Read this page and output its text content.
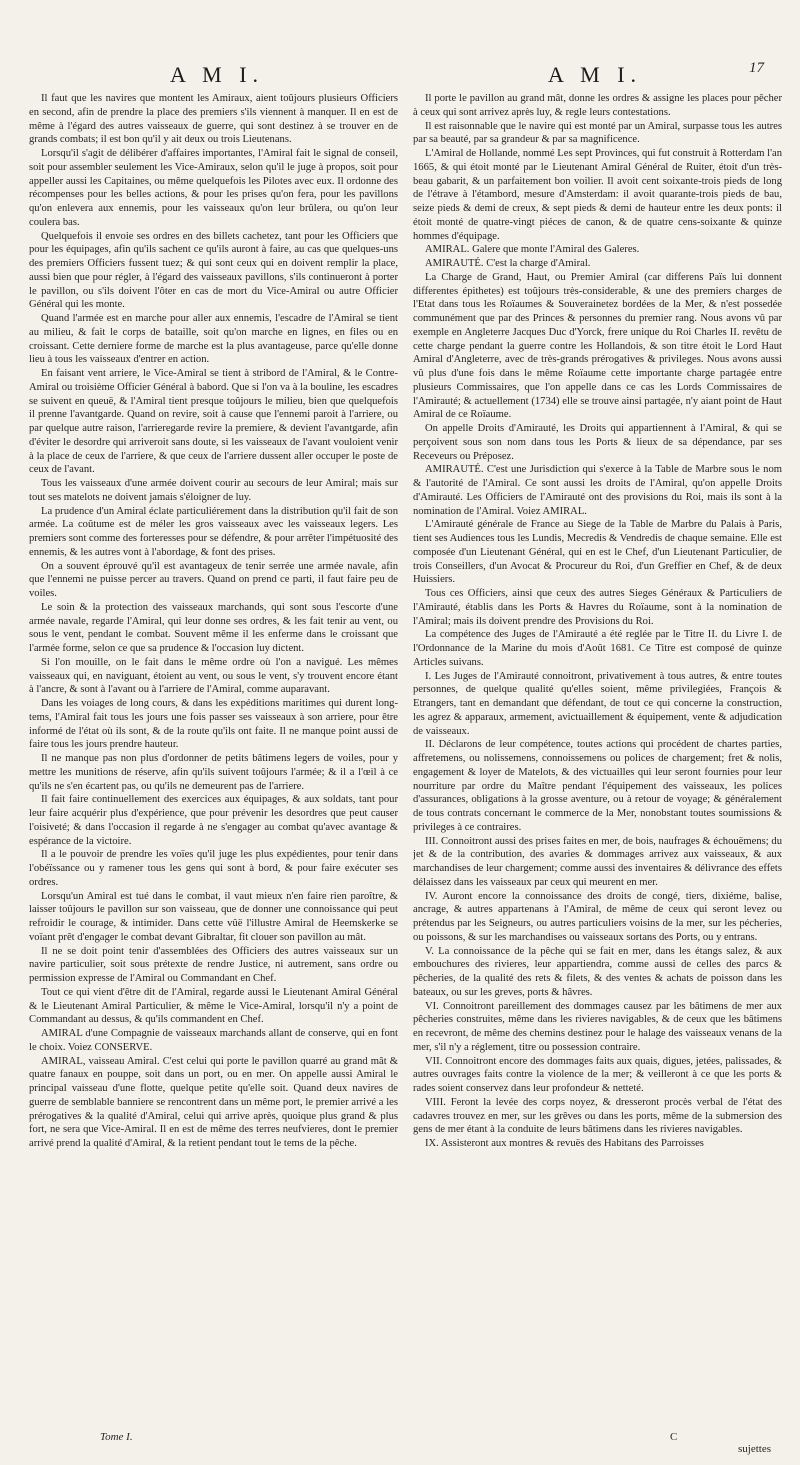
A M I.	A M I.	17

Il faut que les navires que montent les Amiraux, aient toûjours plusieurs Officiers en second, afin de prendre la place des premiers s'ils viennent à manquer. Il en est de même à l'égard des autres vaisseaux de guerre, qui sont destinez à se trouver en de grands combats; il est bon qu'il y ait deux ou trois Lieutenans.

Lorsqu'il s'agit de délibérer d'affaires importantes, l'Amiral fait le signal de conseil, soit pour assembler seulement les Vice-Amiraux, selon qu'il le juge à propos, soit pour appeller aussi les Capitaines, ou même quelquefois les Pilotes avec eux. Il ordonne des récompenses pour les belles actions, & pour les prises qu'on fera, pour les pavillons qu'on enlevera aux ennemis, pour les vaisseaux qu'on leur brûlera, ou qu'on leur coulera bas.

Quelquefois il envoie ses ordres en des billets cachetez, tant pour les Officiers que pour les équipages, afin qu'ils sachent ce qu'ils auront à faire, au cas que quelques-uns des premiers Officiers fussent tuez; & qui sont ceux qui en doivent remplir la place, aussi bien que pour régler, à l'égard des vaisseaux pavillons, s'ils continueront à porter le pavillon, ou s'ils doivent l'ôter en cas de mort du Vice-Amiral ou autre Officier Général qui les monte.

Quand l'armée est en marche pour aller aux ennemis, l'escadre de l'Amiral se tient au milieu, & fait le corps de bataille, soit qu'on marche en lignes, en files ou en croissant. Cette derniere forme de marche est la plus avantageuse, parce qu'elle donne lieu à tous les vaisseaux d'entrer en action.

En faisant vent arriere, le Vice-Amiral se tient à stribord de l'Amiral, & le Contre-Amiral ou troisième Officier Général à babord. Que si l'on va à la bouline, les escadres se suivent en queuë, & l'Amiral tient presque toûjours le milieu, bien que quelquefois il prenne l'avantgarde. Quand on revire, soit à cause que l'ennemi paroit à l'arriere, ou par quelque autre raison, l'arrieregarde revire la premiere, & devient l'avantgarde, afin d'éviter le desordre qui arriveroit sans doute, si les vaisseaux de l'avant vouloient venir à la place de ceux de l'arriere, & que ceux de l'arriere dussent aller occuper le poste de ceux de l'avant.

Tous les vaisseaux d'une armée doivent courir au secours de leur Amiral; mais sur tout ses matelots ne doivent jamais s'éloigner de luy.

La prudence d'un Amiral éclate particuliérement dans la distribution qu'il fait de son armée. La coûtume est de méler les gros vaisseaux avec les vaisseaux legers. Les premiers sont comme des forteresses pour se défendre, & pour arrêter l'impétuosité des ennemis, & les autres vont à l'abordage, & font des prises.

On a souvent éprouvé qu'il est avantageux de tenir serrée une armée navale, afin que l'ennemi ne puisse percer au travers. Quand on prend ce parti, il faut faire peu de voiles.

Le soin & la protection des vaisseaux marchands, qui sont sous l'escorte d'une armée navale, regarde l'Amiral, qui leur donne ses ordres, & les fait tenir au vent, ou sous le vent, pendant le combat. Souvent même il les enferme dans le croissant que l'armée forme, selon ce que sa prudence & l'occasion luy dictent.

Si l'on mouille, on le fait dans le même ordre où l'on a navigué. Les mêmes vaisseaux qui, en naviguant, étoient au vent, ou sous le vent, s'y trouvent encore étant à l'ancre, & sont à l'avant ou à l'arriere de l'Amiral, comme auparavant.

Dans les voiages de long cours, & dans les expéditions maritimes qui durent long-tems, l'Amiral fait tous les jours une fois passer ses vaisseaux à son arriere, pour être informé de l'état où ils sont, & de la route qu'ils ont faite. Il ne manque point aussi de faire tous les jours prendre hauteur.

Il ne manque pas non plus d'ordonner de petits bâtimens legers de voiles, pour y mettre les munitions de réserve, afin qu'ils suivent toûjours l'armée; & il a l'œil à ce qu'ils ne s'en écartent pas, ou qu'ils ne demeurent pas de l'arriere.

Il fait faire continuellement des exercices aux équipages, & aux soldats, tant pour leur faire acquérir plus d'expérience, que pour prévenir les desordres que peut causer l'oisiveté; & dans l'occasion il regarde à ne s'engager au combat qu'avec avantage & espérance de la victoire.

Il a le pouvoir de prendre les voïes qu'il juge les plus expédientes, pour tenir dans l'obéïssance ou y ramener tous les gens qui sont à bord, & pour faire exécuter ses ordres.

Lorsqu'un Amiral est tué dans le combat, il vaut mieux n'en faire rien paroître, & laisser toûjours le pavillon sur son vaisseau, que de donner une connoissance qui peut refroidir le courage, & intimider. Dans cette vûë l'illustre Amiral de Heemskerke se voïant prêt d'engager le combat devant Gibraltar, fit clouer son pavillon au mât.

Il ne se doit point tenir d'assemblées des Officiers des autres vaisseaux sur un navire particulier, soit sous prétexte de rendre Justice, ni autrement, sans ordre ou permission expresse de l'Amiral ou Commandant en Chef.

Tout ce qui vient d'être dit de l'Amiral, regarde aussi le Lieutenant Amiral Général & le Lieutenant Amiral Particulier, & même le Vice-Amiral, lorsqu'il n'y a point de Commandant au dessus, & qu'ils commandent en Chef.

AMIRAL d'une Compagnie de vaisseaux marchands allant de conserve, qui en font le choix. Voiez CONSERVE.

AMIRAL, vaisseau Amiral. C'est celui qui porte le pavillon quarré au grand mât & quatre fanaux en pouppe, soit dans un port, ou en mer. On appelle aussi Amiral le principal vaisseau d'une flotte, quelque petite qu'elle soit. Quand deux navires de guerre de semblable banniere se rencontrent dans un même port, le premier arrivé a les prérogatives & la qualité d'Amiral, celui qui arrive après, quoique plus grand & plus fort, ne sera que Vice-Amiral. Il en est de même des terres neufvieres, dont le premier arrivé prend la qualité d'Amiral, & la retient pendant tout le tems de la pêche.

Il porte le pavillon au grand mât, donne les ordres & assigne les places pour pêcher à ceux qui sont arrivez après luy, & regle leurs contestations.

Il est raisonnable que le navire qui est monté par un Amiral, surpasse tous les autres par sa beauté, par sa grandeur & par sa magnificence.

L'Amiral de Hollande, nommé Les sept Provinces, qui fut construit à Rotterdam l'an 1665, & qui étoit monté par le Lieutenant Amiral Général de Ruiter, étoit d'un très-beau gabarit, & un parfaitement bon voilier. Il avoit cent soixante-trois pieds de long de l'étrave à l'étambord, mesure d'Amsterdam: il avoit quarante-trois pieds de bau, seize pieds & demi de creux, & sept pieds & demi de hauteur entre les deux ponts: il étoit monté de quatre-vingt piéces de canon, & de quatre cens-soixante & quinze hommes d'équipage.

AMIRAL. Galere que monte l'Amiral des Galeres.

AMIRAUTÉ. C'est la charge d'Amiral.

La Charge de Grand, Haut, ou Premier Amiral (car differens Païs lui donnent differentes épithetes) est toûjours très-considerable, & une des premiers charges de l'Etat dans tous les Roïaumes & Souverainetez bordées de la Mer, & n'est possedée communément que par des Princes & personnes du premier rang. Nous avons vû par exemple en Angleterre Jacques Duc d'Yorck, frere unique du Roi Charles II. revêtu de cette charge pendant la guerre contre les Hollandois, & son titre étoit le Lord Haut Amiral d'Angleterre, avec de très-grands prérogatives & privileges. Nous avons aussi vû plus d'une fois dans le même Roïaume cette importante charge partagée entre plusieurs Commissaires, que l'on appelle dans ce cas les Lords Commissaires de l'Amirauté; & actuellement (1734) elle se trouve ainsi partagée, n'y aiant point de Haut Amiral de ce Roïaume.

On appelle Droits d'Amirauté, les Droits qui appartiennent à l'Amiral, & qui se perçoivent sous son nom dans tous les Ports & lieux de sa dépendance, par ses Receveurs ou Préposez.

AMIRAUTÉ. C'est une Jurisdiction qui s'exerce à la Table de Marbre sous le nom & l'autorité de l'Amiral. Ce sont aussi les droits de l'Amiral, qu'on appelle Droits d'Amirauté. Les Officiers de l'Amirauté ont des provisions du Roi, mais ils sont à la nomination de l'Amiral. Voiez AMIRAL.

L'Amirauté générale de France au Siege de la Table de Marbre du Palais à Paris, tient ses Audiences tous les Lundis, Mecredis & Vendredis de chaque semaine. Elle est composée d'un Lieutenant Général, qui en est le Chef, d'un Lieutenant Particulier, de trois Conseillers, d'un Avocat & Procureur du Roi, d'un Greffier en Chef, & de deux Huissiers.

Tous ces Officiers, ainsi que ceux des autres Sieges Généraux & Particuliers de l'Amirauté, établis dans les Ports & Havres du Roïaume, sont à la nomination de l'Amiral; mais ils doivent prendre des Provisions du Roi.

La compétence des Juges de l'Amirauté a été reglée par le Titre II. du Livre I. de l'Ordonnance de la Marine du mois d'Août 1681. Ce Titre est composé de quinze Articles suivans.

I. Les Juges de l'Amirauté connoitront, privativement à tous autres, & entre toutes personnes, de quelque qualité qu'elles soient, même privilegiées, François & Etrangers, tant en demandant que défendant, de tout ce qui concerne la construction, les agrez & apparaux, armement, avictuaillement & équipement, vente & adjudication de vaisseaux.

II. Déclarons de leur compétence, toutes actions qui procédent de chartes parties, affretemens, ou nolissemens, connoissemens ou polices de chargement; fret & nolis, engagement & loyer de Matelots, & des victuailles qui leur seront fournies pour leur nourriture par ordre du Maître pendant l'équipement des vaisseaux, les polices d'assurances, obligations à la grosse aventure, ou à retour de voyage; & généralement de tous contrats concernant le commerce de la Mer, nonobstant toutes soumissions & privileges à ce contraires.

III. Connoitront aussi des prises faites en mer, de bois, naufrages & échouëmens; du jet & de la contribution, des avaries & dommages arrivez aux vaisseaux, & aux marchandises de leur chargement; comme aussi des inventaires & délivrance des effets délaissez dans les vaisseaux par ceux qui meurent en mer.

IV. Auront encore la connoissance des droits de congé, tiers, dixiéme, balise, ancrage, & autres appartenans à l'Amiral, de même de ceux qui seront levez ou prétendus par les Seigneurs, ou autres particuliers voisins de la mer, sur les pécheries, ou poissons, & sur les marchandises ou vaisseaux sortans des Ports, ou y entrans.

V. La connoissance de la pêche qui se fait en mer, dans les étangs salez, & aux embouchures des rivieres, leur appartiendra, comme aussi de celles des parcs & pêcheries, de la qualité des rets & filets, & des ventes & achats de poisson dans les bateaux, ou sur les greves, ports & hâvres.

VI. Connoitront pareillement des dommages causez par les bâtimens de mer aux pêcheries construites, même dans les rivieres navigables, & de ceux que les bâtimens en recevront, de même des chemins destinez pour le halage des vaisseaux venans de la mer, s'il n'y a réglement, titre ou possession contraire.

VII. Connoitront encore des dommages faits aux quais, digues, jetées, palissades, & autres ouvrages faits contre la violence de la mer; & veilleront à ce que les ports & rades soient conservez dans leur profondeur & netteté.

VIII. Feront la levée des corps noyez, & dresseront procès verbal de l'état des cadavres trouvez en mer, sur les grêves ou dans les ports, même de la submersion des gens de mer étant à la conduite de leurs bâtimens dans les rivieres navigables.

IX. Assisteront aux montres & revuës des Habitans des Parroisses

Tome I.	C
sujettes
